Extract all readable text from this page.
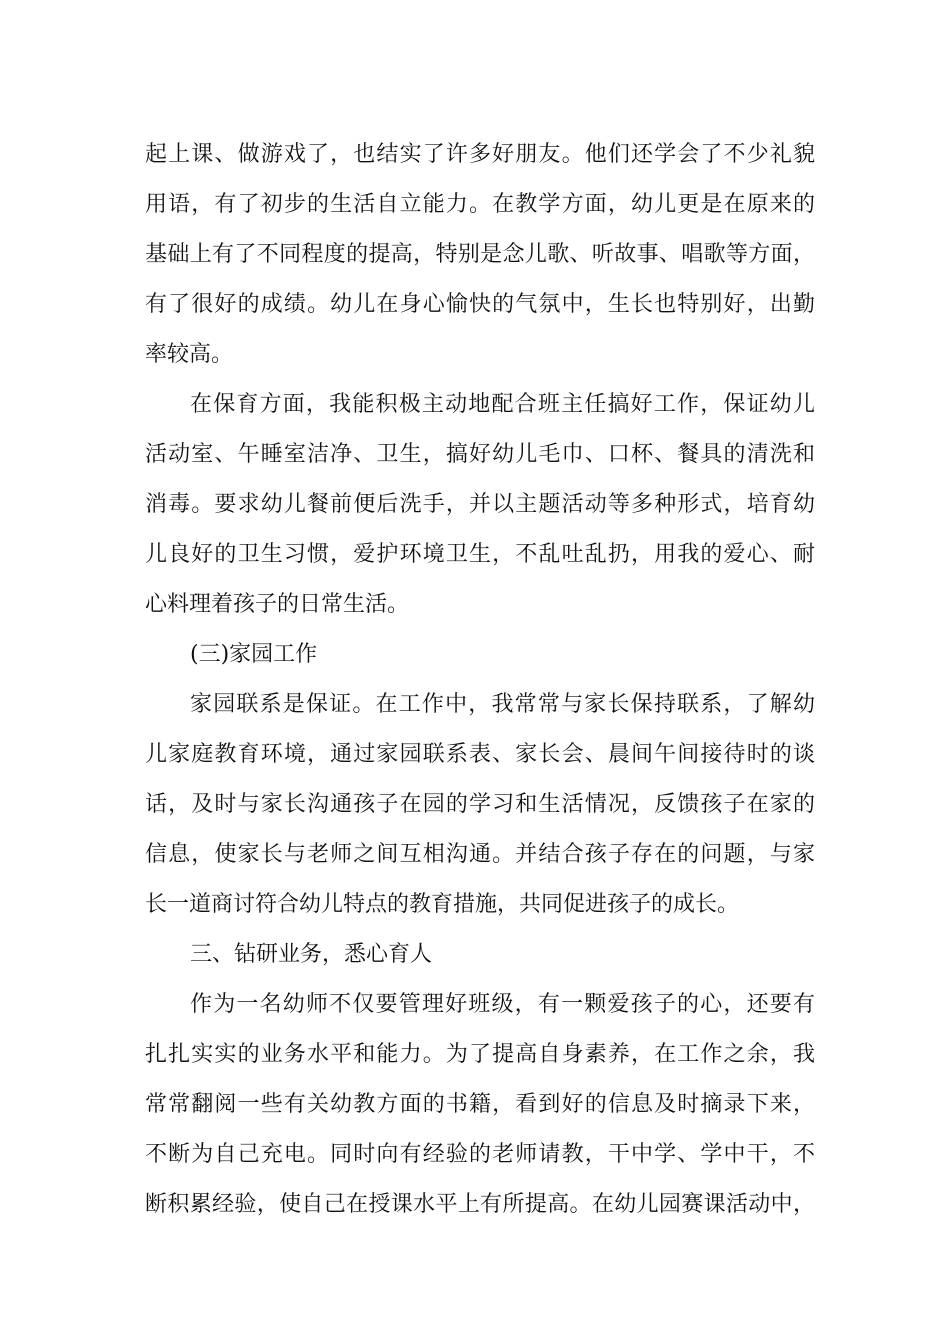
起上课、做游戏了，也结实了许多好朋友。他们还学会了不少礼貌
用语，有了初步的生活自立能力。在教学方面，幼儿更是在原来的
基础上有了不同程度的提高，特别是念儿歌、听故事、唱歌等方面，
有了很好的成绩。幼儿在身心愉快的气氛中，生长也特别好，出勤
率较高。
在保育方面，我能积极主动地配合班主任搞好工作，保证幼儿
活动室、午睡室洁净、卫生，搞好幼儿毛巾、口杯、餐具的清洗和
消毒。要求幼儿餐前便后洗手，并以主题活动等多种形式，培育幼
儿良好的卫生习惯，爱护环境卫生，不乱吐乱扔，用我的爱心、耐
心料理着孩子的日常生活。
(三)家园工作
家园联系是保证。在工作中，我常常与家长保持联系，了解幼
儿家庭教育环境，通过家园联系表、家长会、晨间午间接待时的谈
话，及时与家长沟通孩子在园的学习和生活情况，反馈孩子在家的
信息，使家长与老师之间互相沟通。并结合孩子存在的问题，与家
长一道商讨符合幼儿特点的教育措施，共同促进孩子的成长。
三、钻研业务，悉心育人
作为一名幼师不仅要管理好班级，有一颗爱孩子的心，还要有
扎扎实实的业务水平和能力。为了提高自身素养，在工作之余，我
常常翻阅一些有关幼教方面的书籍，看到好的信息及时摘录下来，
不断为自己充电。同时向有经验的老师请教，干中学、学中干，不
断积累经验，使自己在授课水平上有所提高。在幼儿园赛课活动中，
